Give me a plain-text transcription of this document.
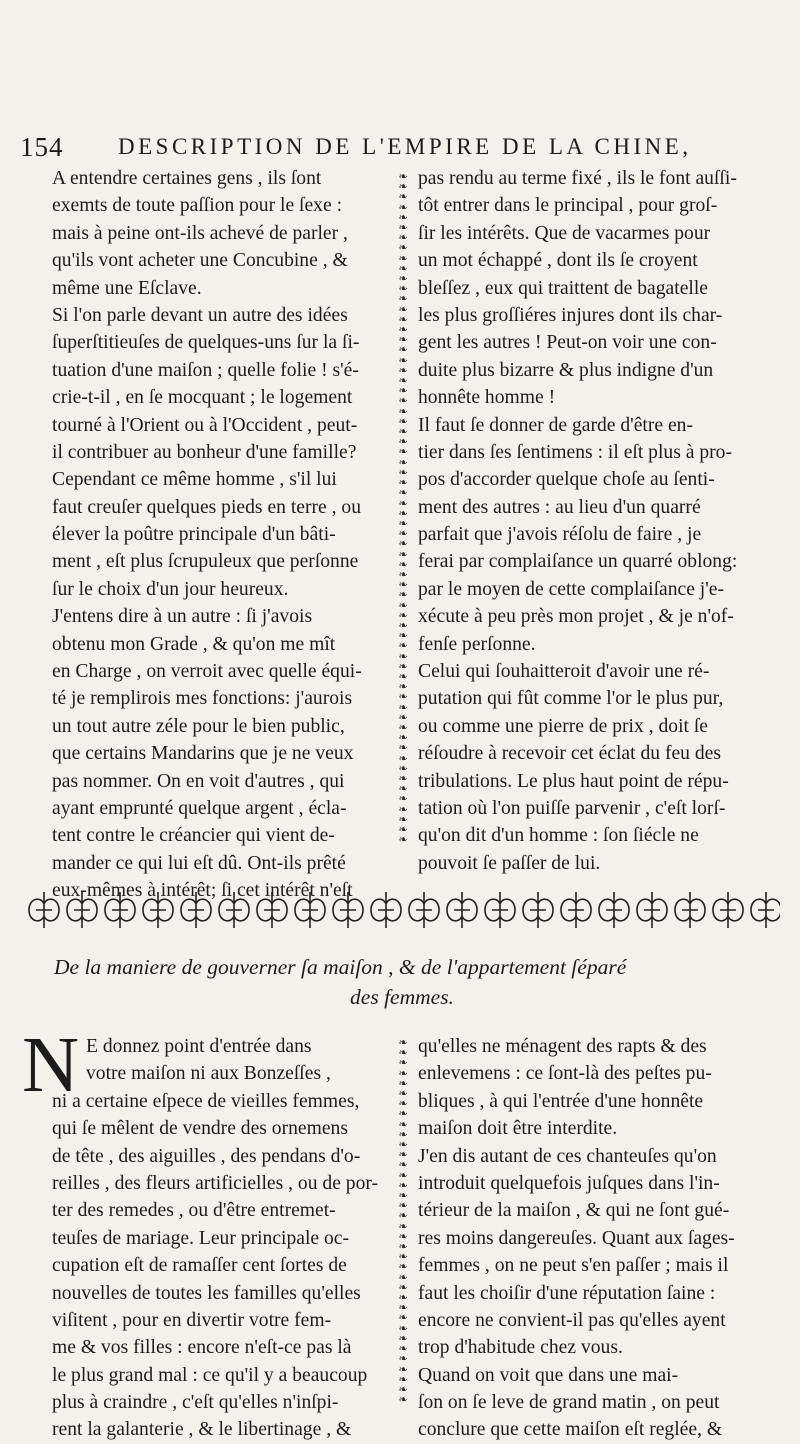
154 DESCRIPTION DE L'EMPIRE DE LA CHINE,
A entendre certaines gens , ils ſont
exemts de toute paſſion pour le ſexe :
mais à peine ont-ils achevé de parler ,
qu'ils vont acheter une Concubine , &
même une Eſclave.
Si l'on parle devant un autre des idées
ſuperſtitieuſes de quelques-uns ſur la ſi-
tuation d'une maiſon ; quelle folie ! s'é-
crie-t-il , en ſe mocquant ; le logement
tourné à l'Orient ou à l'Occident , peut-
il contribuer au bonheur d'une famille?
Cependant ce même homme , s'il lui
faut creuſer quelques pieds en terre , ou
élever la poûtre principale d'un bâti-
ment , eſt plus ſcrupuleux que perſonne
ſur le choix d'un jour heureux.
J'entens dire à un autre : ſi j'avois
obtenu mon Grade , & qu'on me mît
en Charge , on verroit avec quelle équi-
té je remplirois mes fonctions: j'aurois
un tout autre zéle pour le bien public,
que certains Mandarins que je ne veux
pas nommer. On en voit d'autres , qui
ayant emprunté quelque argent , écla-
tent contre le créancier qui vient de-
mander ce qui lui eſt dû. Ont-ils prêté
eux-mêmes à intérêt; ſi cet intérêt n'eſt
❧
❧
❧
❧
❧
❧
❧
❧
❧
❧
❧
❧
❧
❧
❧
❧
❧
❧
❧
❧
❧
❧
❧
❧
❧
❧
❧
❧
❧
❧
❧
❧
❧
❧
❧
❧
❧
❧
❧
❧
❧
❧
❧
❧
❧
❧
❧
❧
❧
❧
❧
❧
❧
❧
❧
❧
❧
❧
❧
❧
❧
❧
❧
❧
❧
❧
pas rendu au terme fixé , ils le font auſſi-
tôt entrer dans le principal , pour groſ-
ſir les intérêts. Que de vacarmes pour
un mot échappé , dont ils ſe croyent
bleſſez , eux qui traittent de bagatelle
les plus groſſiéres injures dont ils char-
gent les autres ! Peut-on voir une con-
duite plus bizarre & plus indigne d'un
honnête homme !
Il faut ſe donner de garde d'être en-
tier dans ſes ſentimens : il eſt plus à pro-
pos d'accorder quelque choſe au ſenti-
ment des autres : au lieu d'un quarré
parfait que j'avois réſolu de faire , je
ferai par complaiſance un quarré oblong:
par le moyen de cette complaiſance j'e-
xécute à peu près mon projet , & je n'of-
fenſe perſonne.
Celui qui ſouhaitteroit d'avoir une ré-
putation qui fût comme l'or le plus pur,
ou comme une pierre de prix , doit ſe
réſoudre à recevoir cet éclat du feu des
tribulations. Le plus haut point de répu-
tation où l'on puiſſe parvenir , c'eſt lorſ-
qu'on dit d'un homme : ſon ſiécle ne
pouvoit ſe paſſer de lui.
De la maniere de gouverner ſa maiſon , & de l'appartement ſéparé
des femmes.
N E donnez point d'entrée dans
votre maiſon ni aux Bonzeſſes ,
ni a certaine eſpece de vieilles femmes,
qui ſe mêlent de vendre des ornemens
de tête , des aiguilles , des pendans d'o-
reilles , des fleurs artificielles , ou de por-
ter des remedes , ou d'être entremet-
teuſes de mariage. Leur principale oc-
cupation eſt de ramaſſer cent ſortes de
nouvelles de toutes les familles qu'elles
viſitent , pour en divertir votre fem-
me & vos filles : encore n'eſt-ce pas là
le plus grand mal : ce qu'il y a beaucoup
plus à craindre , c'eſt qu'elles n'inſpi-
rent la galanterie , & le libertinage , &
❧
❧
❧
❧
❧
❧
❧
❧
❧
❧
❧
❧
❧
❧
❧
❧
❧
❧
❧
❧
❧
❧
❧
❧
❧
❧
❧
❧
❧
❧
❧
❧
❧
❧
❧
❧
qu'elles ne ménagent des rapts & des
enlevemens : ce ſont-là des peſtes pu-
bliques , à qui l'entrée d'une honnête
maiſon doit être interdite.
J'en dis autant de ces chanteuſes qu'on
introduit quelquefois juſques dans l'in-
térieur de la maiſon , & qui ne ſont gué-
res moins dangereuſes. Quant aux ſages-
femmes , on ne peut s'en paſſer ; mais il
faut les choiſir d'une réputation ſaine :
encore ne convient-il pas qu'elles ayent
trop d'habitude chez vous.
Quand on voit que dans une mai-
ſon on ſe leve de grand matin , on peut
conclure que cette maiſon eſt reglée, &
